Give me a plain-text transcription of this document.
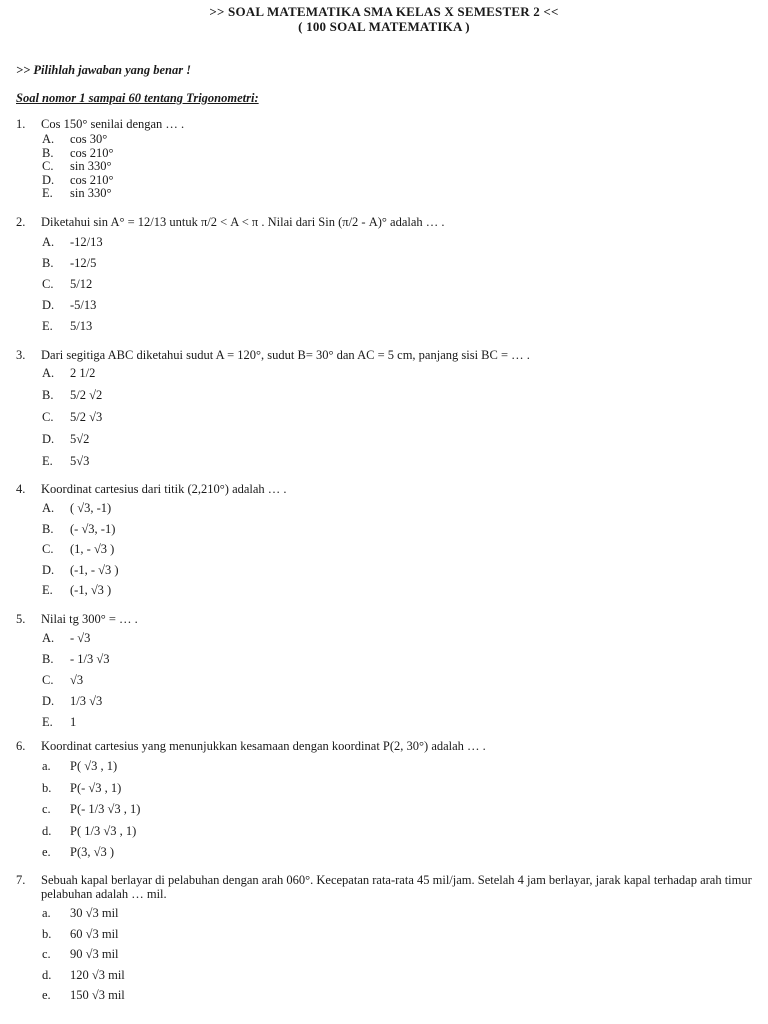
>> SOAL MATEMATIKA SMA KELAS X SEMESTER 2 <<
( 100 SOAL MATEMATIKA )
>> Pilihlah jawaban yang benar !
Soal nomor 1 sampai 60 tentang Trigonometri:
1. Cos 150° senilai dengan … .
A.	cos 30°
B.	cos 210°
C.	sin 330°
D.	cos 210°
E.	sin 330°
2. Diketahui sin A° = 12/13 untuk π/2 < A < π . Nilai dari Sin (π/2 - A)° adalah … .
A.	-12/13
B.	-12/5
C.	5/12
D.	-5/13
E.	5/13
3. Dari segitiga ABC diketahui sudut A = 120°, sudut B= 30° dan AC = 5 cm, panjang sisi BC = … .
A.	2 1/2
B.	5/2 √2
C.	5/2 √3
D.	5√2
E.	5√3
4. Koordinat cartesius dari titik (2,210°) adalah … .
A.	( √3, -1)
B.	(- √3, -1)
C.	(1, - √3 )
D.	(-1, - √3 )
E.	(-1, √3 )
5. Nilai tg 300° = … .
A.	- √3
B.	- 1/3 √3
C.	√3
D.	1/3 √3
E.	1
6. Koordinat cartesius yang menunjukkan kesamaan dengan koordinat P(2, 30°) adalah … .
a.	P( √3 , 1)
b.	P(- √3 , 1)
c.	P(- 1/3 √3 , 1)
d.	P( 1/3 √3 , 1)
e.	P(3, √3 )
7. Sebuah kapal berlayar di pelabuhan dengan arah 060°. Kecepatan rata-rata 45 mil/jam. Setelah 4 jam berlayar, jarak kapal terhadap arah timur pelabuhan adalah … mil.
a.	30 √3 mil
b.	60 √3 mil
c.	90 √3 mil
d.	120 √3 mil
e.	150 √3 mil
